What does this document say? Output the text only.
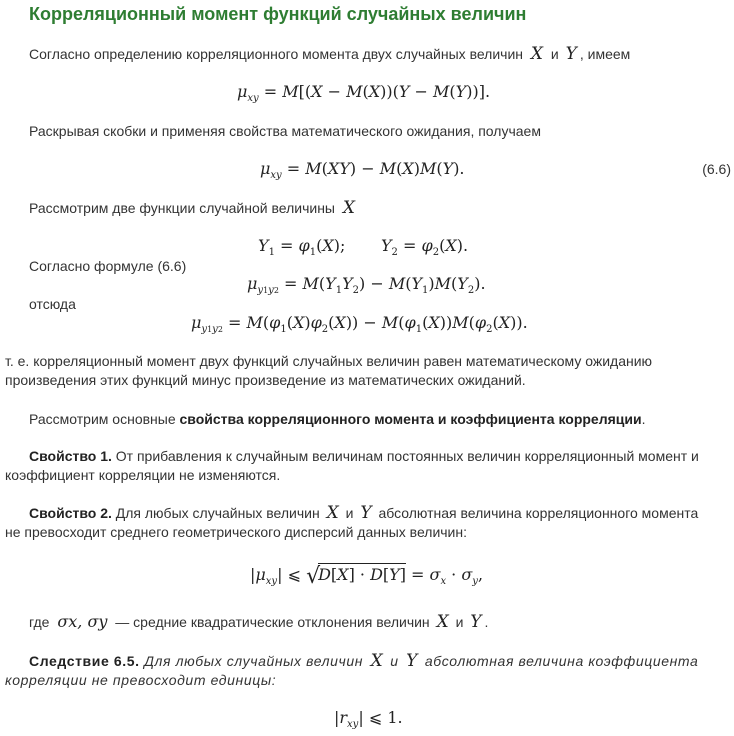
Корреляционный момент функций случайных величин
Согласно определению корреляционного момента двух случайных величин X и Y , имеем
$\mu_{xy} = M[(X - M(X))(Y - M(Y))]$.
Раскрывая скобки и применяя свойства математического ожидания, получаем
$\mu_{xy} = M(XY) - M(X)M(Y)$.	(6.6)
Рассмотрим две функции случайной величины X
$Y_1 = \varphi_1(X)$;       $Y_2 = \varphi_2(X)$.
Согласно формуле (6.6)
$\mu_{y1y2} = M(Y_1Y_2) - M(Y_1)M(Y_2)$.
отсюда
$\mu_{y1y2} = M(\varphi_1(X)\varphi_2(X)) - M(\varphi_1(X))M(\varphi_2(X))$.
т. е. корреляционный момент двух функций случайных величин равен математическому ожиданию произведения этих функций минус произведение из математических ожиданий.
Рассмотрим основные свойства корреляционного момента и коэффициента корреляции.
Свойство 1. От прибавления к случайным величинам постоянных величин корреляционный момент и коэффициент корреляции не изменяются.
Свойство 2. Для любых случайных величин X и Y абсолютная величина корреляционного момента не превосходит среднего геометрического дисперсий данных величин:
$|\mu_{xy}|$ ⩽ $√D[X] \cdot D[Y] = \sigma_x \cdot \sigma_y$,
где σx, σy — средние квадратические отклонения величин X и Y .
Следствие 6.5. Для любых случайных величин X и Y абсолютная величина коэффициента корреляции не превосходит единицы:
$|r_{xy}|$ ⩽ 1.
